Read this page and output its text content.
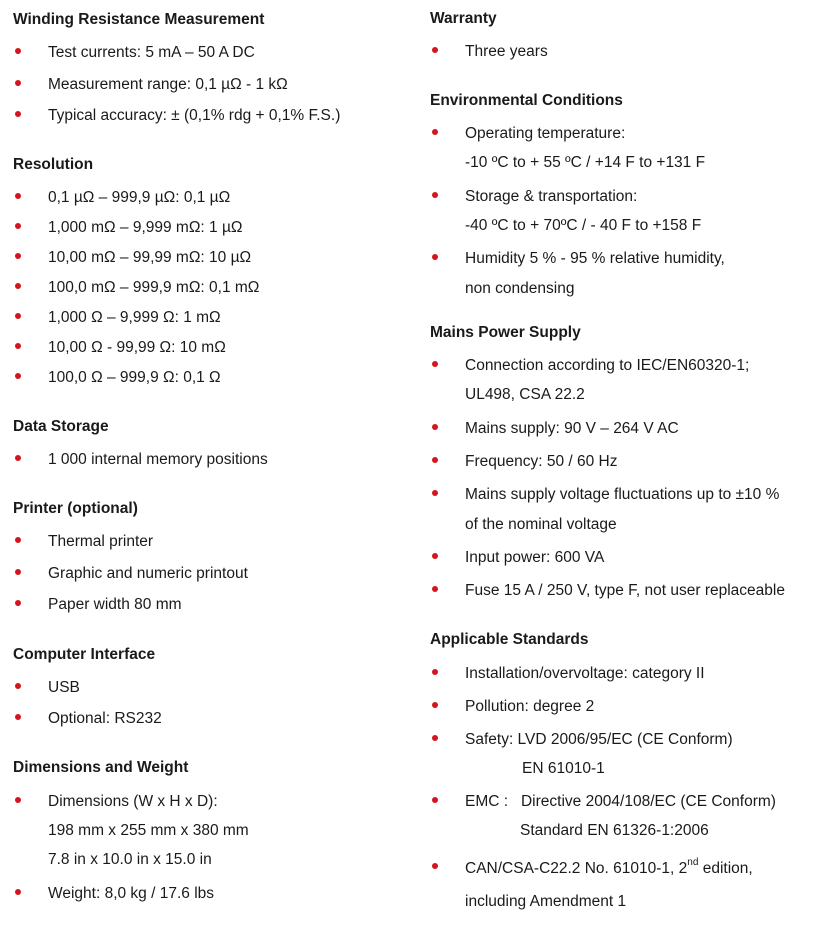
Winding Resistance Measurement
Test currents: 5 mA – 50 A DC
Measurement range: 0,1 µΩ - 1 kΩ
Typical accuracy: ± (0,1% rdg + 0,1% F.S.)
Resolution
0,1 µΩ – 999,9 µΩ: 0,1 µΩ
1,000 mΩ – 9,999 mΩ: 1 µΩ
10,00 mΩ – 99,99 mΩ: 10 µΩ
100,0 mΩ – 999,9 mΩ: 0,1 mΩ
1,000 Ω – 9,999 Ω: 1 mΩ
10,00 Ω - 99,99 Ω: 10 mΩ
100,0 Ω – 999,9 Ω: 0,1 Ω
Data Storage
1 000 internal memory positions
Printer (optional)
Thermal printer
Graphic and numeric printout
Paper width 80 mm
Computer Interface
USB
Optional: RS232
Dimensions and Weight
Dimensions (W x H x D):
198 mm x 255 mm x 380 mm
7.8 in x 10.0 in x 15.0 in
Weight: 8,0 kg / 17.6 lbs
Warranty
Three years
Environmental Conditions
Operating temperature:
-10 ºC to + 55 ºC / +14 F to +131 F
Storage & transportation:
-40 ºC to + 70ºC / - 40 F to +158 F
Humidity 5 % - 95 % relative humidity,
non condensing
Mains Power Supply
Connection according to IEC/EN60320-1;
UL498, CSA 22.2
Mains supply: 90 V – 264 V AC
Frequency: 50 / 60 Hz
Mains supply voltage fluctuations up to ±10 %
of the nominal voltage
Input power: 600 VA
Fuse 15 A / 250 V, type F, not user replaceable
Applicable Standards
Installation/overvoltage: category II
Pollution: degree 2
Safety: LVD 2006/95/EC (CE Conform)
EN 61010-1
EMC :   Directive 2004/108/EC (CE Conform)
Standard EN 61326-1:2006
CAN/CSA-C22.2 No. 61010-1, 2nd edition,
including Amendment 1
